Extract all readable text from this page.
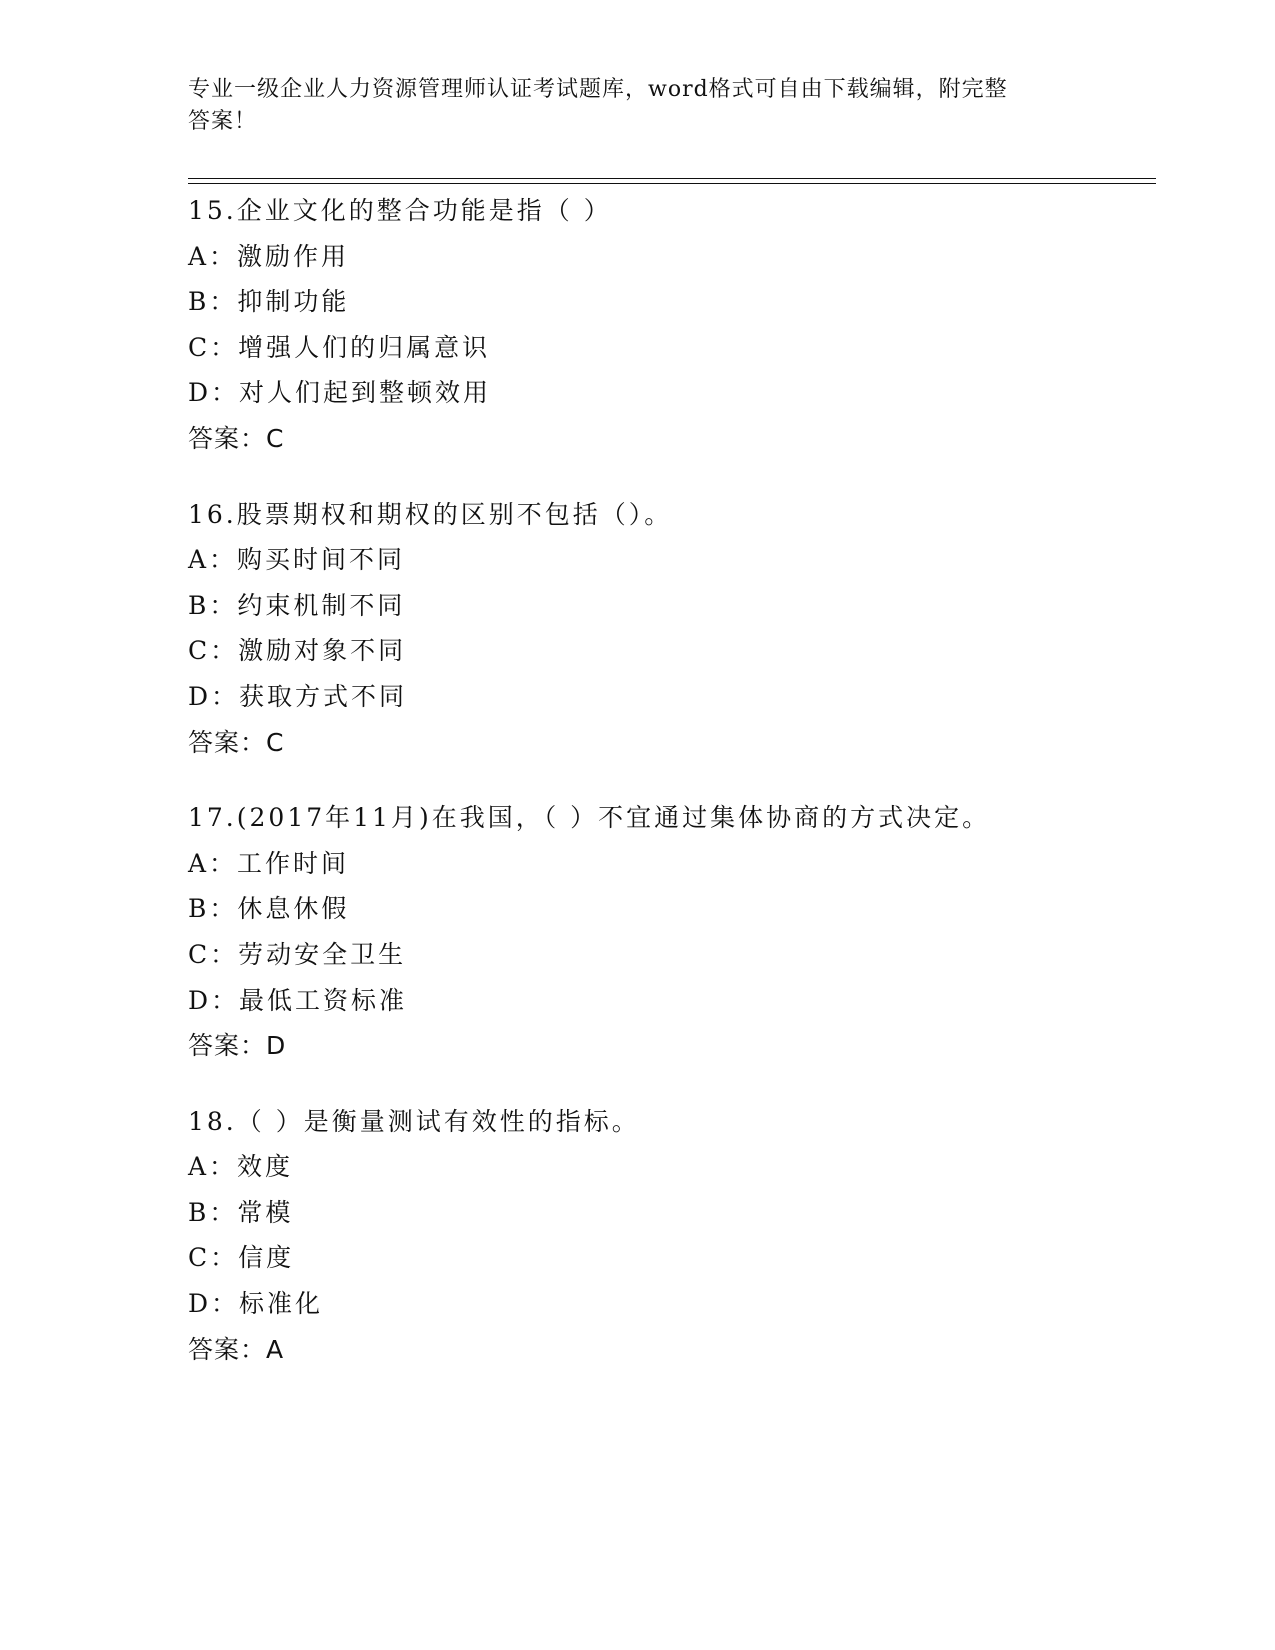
专业一级企业人力资源管理师认证考试题库，word格式可自由下载编辑，附完整
答案！
15.企业文化的整合功能是指（ ）
A：激励作用
B：抑制功能
C：增强人们的归属意识
D：对人们起到整顿效用
答案：C
16.股票期权和期权的区别不包括（）。
A：购买时间不同
B：约束机制不同
C：激励对象不同
D：获取方式不同
答案：C
17.(2017年11月)在我国，（ ）不宜通过集体协商的方式决定。
A：工作时间
B：休息休假
C：劳动安全卫生
D：最低工资标准
答案：D
18.（ ）是衡量测试有效性的指标。
A：效度
B：常模
C：信度
D：标准化
答案：A
